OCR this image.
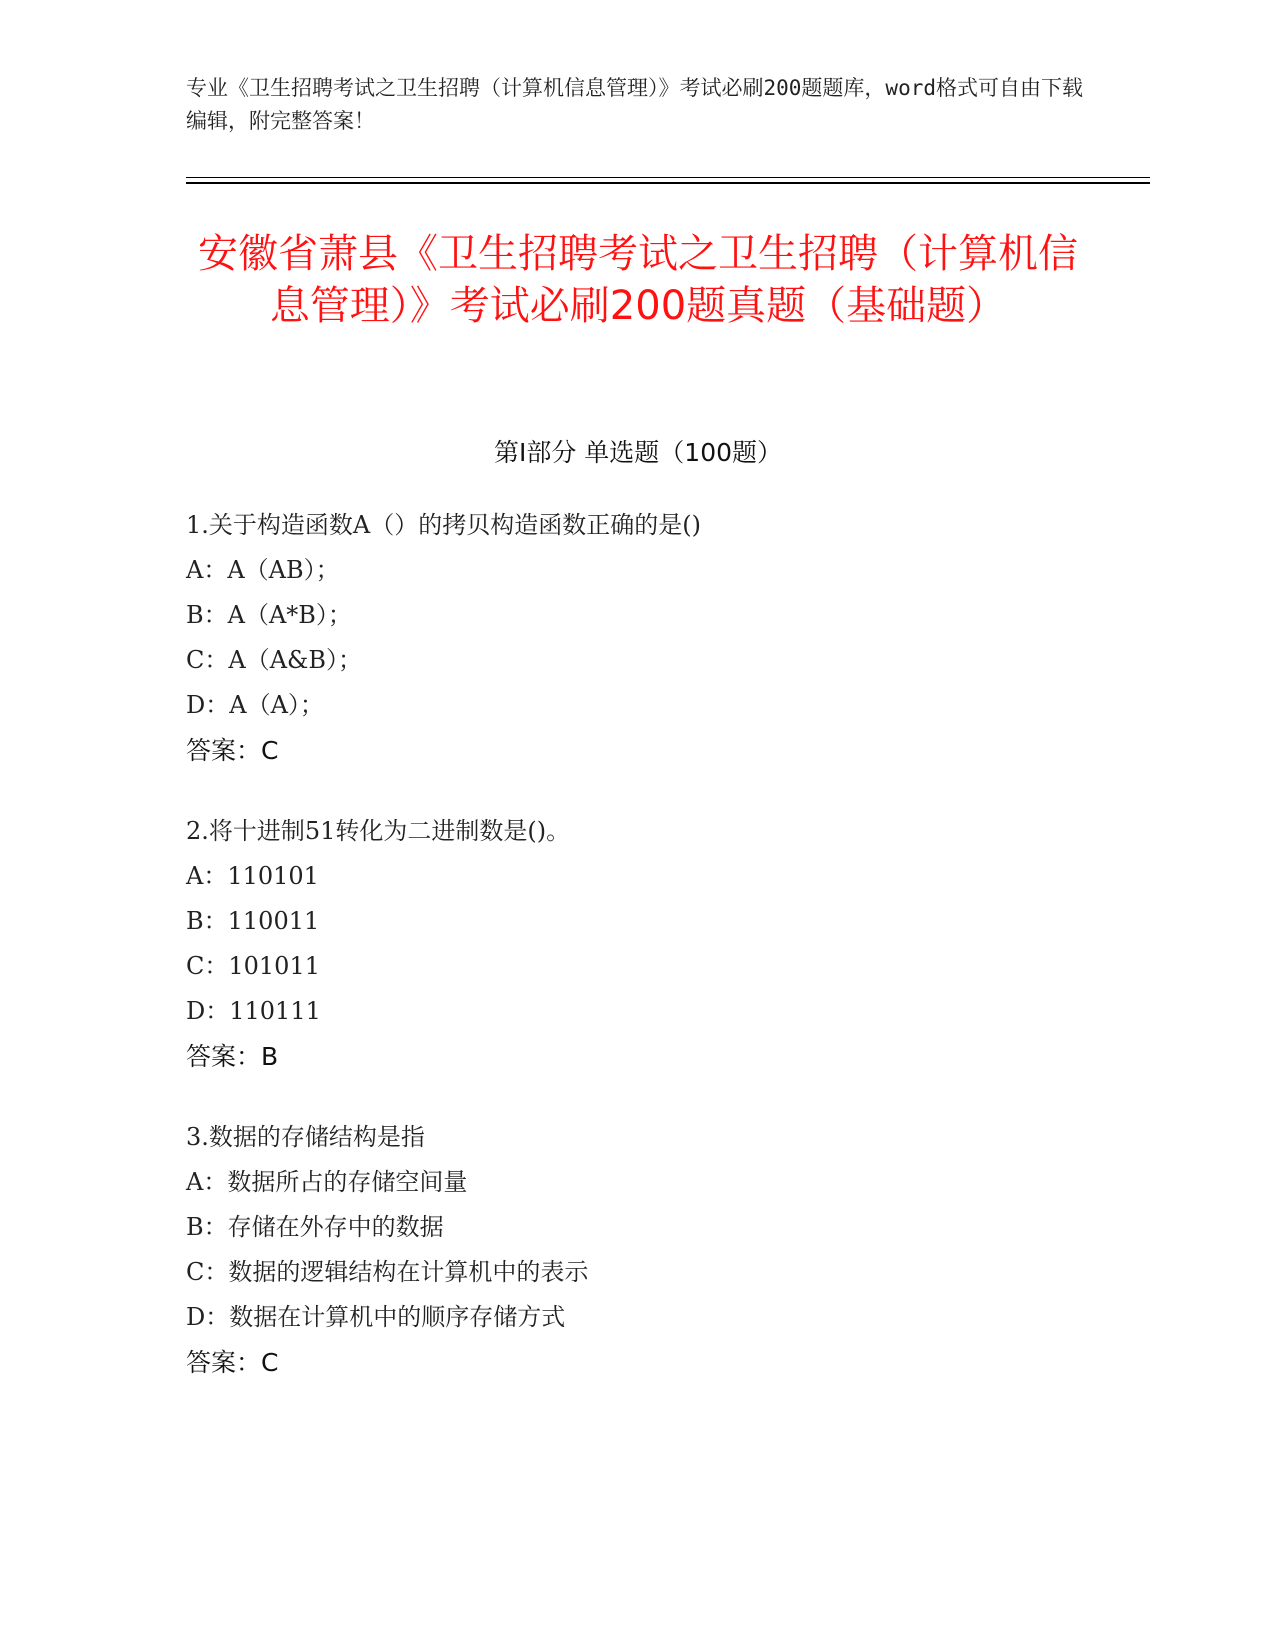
专业《卫生招聘考试之卫生招聘（计算机信息管理）》考试必刷200题题库，word格式可自由下载编辑，附完整答案！
安徽省萧县《卫生招聘考试之卫生招聘（计算机信息管理）》考试必刷200题真题（基础题）
第Ⅰ部分 单选题（100题）
1.关于构造函数A（）的拷贝构造函数正确的是()
A：A（AB）；
B：A（A*B）；
C：A（A&B）；
D：A（A）；
答案：C
2.将十进制51转化为二进制数是()。
A：110101
B：110011
C：101011
D：110111
答案：B
3.数据的存储结构是指
A：数据所占的存储空间量
B：存储在外存中的数据
C：数据的逻辑结构在计算机中的表示
D：数据在计算机中的顺序存储方式
答案：C
